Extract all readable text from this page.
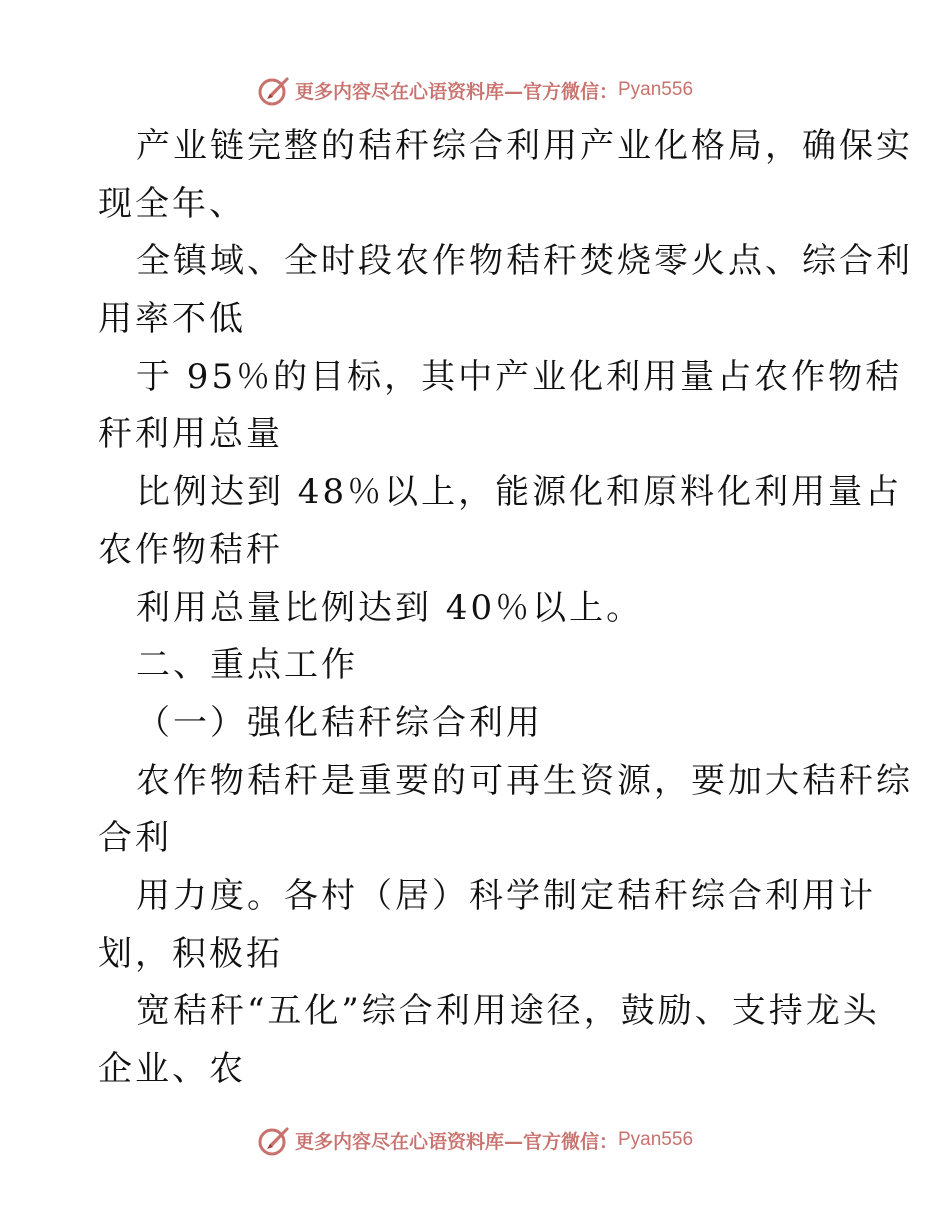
更多内容尽在心语资料库—官方微信： Pyan556
产业链完整的秸秆综合利用产业化格局，确保实
现全年、
全镇域、全时段农作物秸秆焚烧零火点、综合利
用率不低
于 95％的目标，其中产业化利用量占农作物秸
秆利用总量
比例达到 48％以上，能源化和原料化利用量占
农作物秸秆
利用总量比例达到 40％以上。
二、重点工作
（一）强化秸秆综合利用
农作物秸秆是重要的可再生资源，要加大秸秆综
合利
用力度。各村（居）科学制定秸秆综合利用计
划，积极拓
宽秸秆“五化”综合利用途径，鼓励、支持龙头
企业、农
更多内容尽在心语资料库—官方微信： Pyan556
